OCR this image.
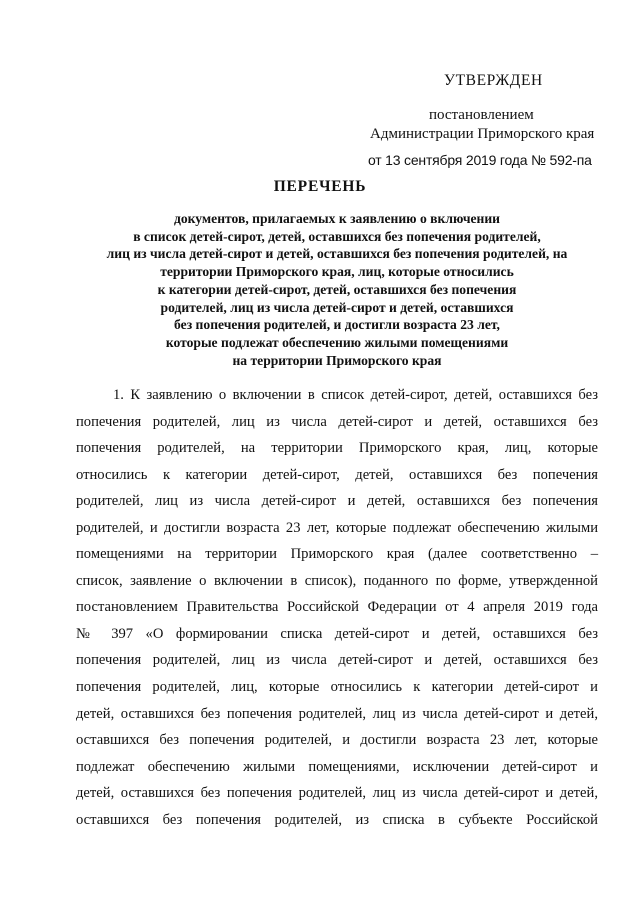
УТВЕРЖДЕН
постановлением
Администрации Приморского края
от 13 сентября 2019 года № 592-па
ПЕРЕЧЕНЬ
документов, прилагаемых к заявлению о включении
в список детей-сирот, детей, оставшихся без попечения родителей,
лиц из числа детей-сирот и детей, оставшихся без попечения родителей, на
территории Приморского края, лиц, которые относились
к категории детей-сирот, детей, оставшихся без попечения
родителей, лиц из числа детей-сирот и детей, оставшихся
без попечения родителей, и достигли возраста 23 лет,
которые подлежат обеспечению жилыми помещениями
на территории Приморского края
1. К заявлению о включении в список детей-сирот, детей, оставшихся без
попечения родителей, лиц из числа детей-сирот и детей, оставшихся без
попечения родителей, на территории Приморского края, лиц, которые
относились к категории детей-сирот, детей, оставшихся без попечения
родителей, лиц из числа детей-сирот и детей, оставшихся без попечения
родителей, и достигли возраста 23 лет, которые подлежат обеспечению жилыми
помещениями на территории Приморского края (далее соответственно –
список, заявление о включении в список), поданного по форме, утвержденной
постановлением Правительства Российской Федерации от 4 апреля 2019 года
№ 397 «О формировании списка детей-сирот и детей, оставшихся без
попечения родителей, лиц из числа детей-сирот и детей, оставшихся без
попечения родителей, лиц, которые относились к категории детей-сирот и
детей, оставшихся без попечения родителей, лиц из числа детей-сирот и детей,
оставшихся без попечения родителей, и достигли возраста 23 лет, которые
подлежат обеспечению жилыми помещениями, исключении детей-сирот и
детей, оставшихся без попечения родителей, лиц из числа детей-сирот и детей,
оставшихся без попечения родителей, из списка в субъекте Российской
